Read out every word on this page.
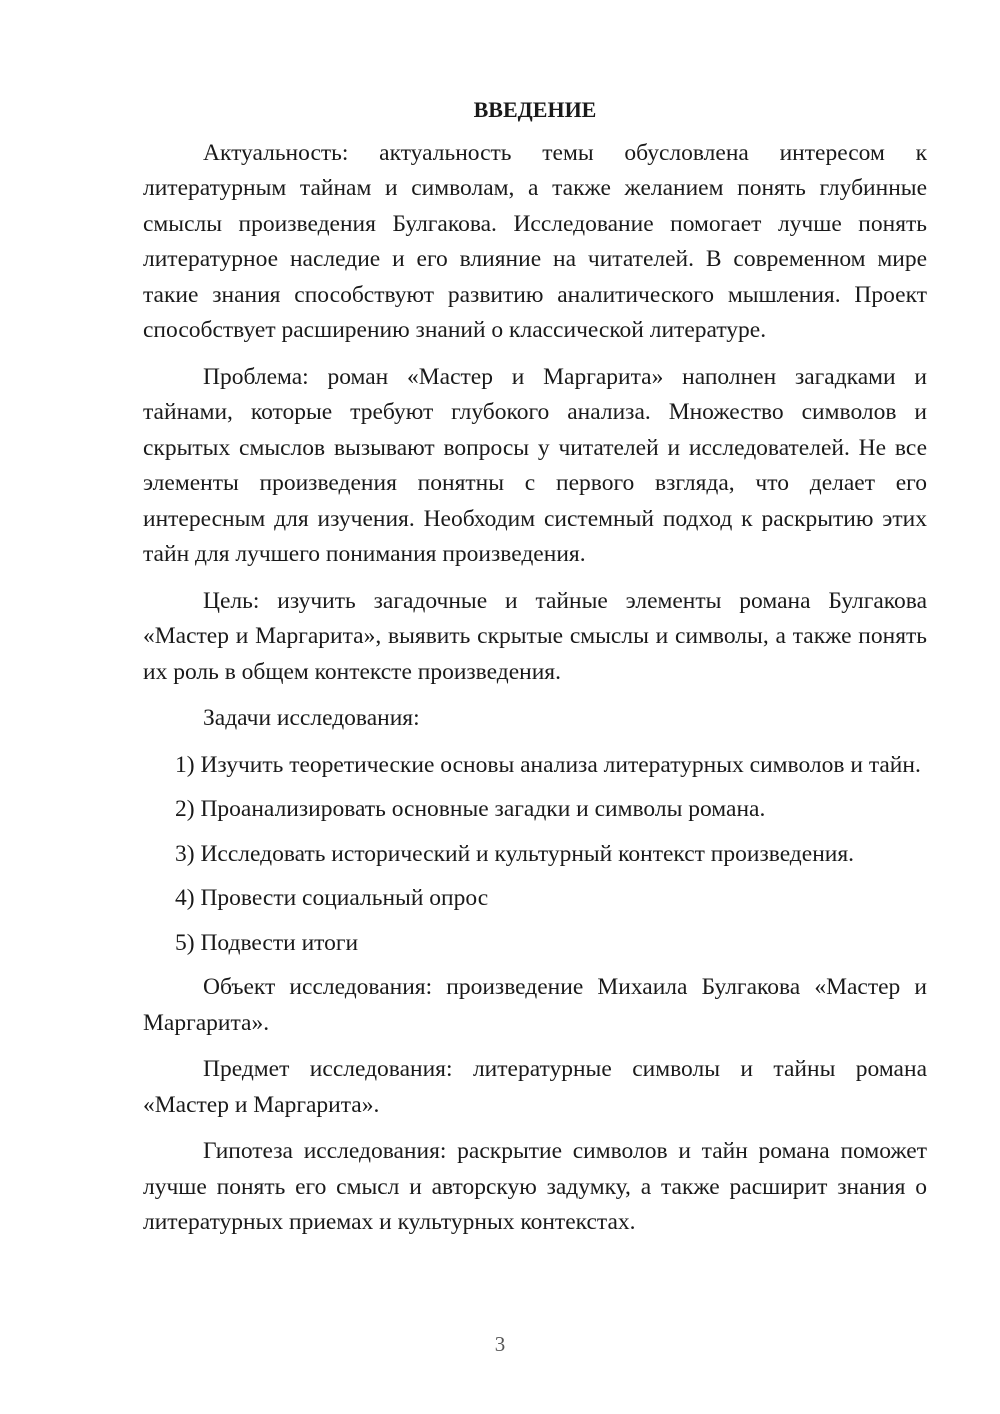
ВВЕДЕНИЕ

Актуальность: актуальность темы обусловлена интересом к литературным тайнам и символам, а также желанием понять глубинные смыслы произведения Булгакова. Исследование помогает лучше понять литературное наследие и его влияние на читателей. В современном мире такие знания способствуют развитию аналитического мышления. Проект способствует расширению знаний о классической литературе.

Проблема: роман «Мастер и Маргарита» наполнен загадками и тайнами, которые требуют глубокого анализа. Множество символов и скрытых смыслов вызывают вопросы у читателей и исследователей. Не все элементы произведения понятны с первого взгляда, что делает его интересным для изучения. Необходим системный подход к раскрытию этих тайн для лучшего понимания произведения.

Цель: изучить загадочные и тайные элементы романа Булгакова «Мастер и Маргарита», выявить скрытые смыслы и символы, а также понять их роль в общем контексте произведения.

Задачи исследования:

1) Изучить теоретические основы анализа литературных символов и тайн.

2) Проанализировать основные загадки и символы романа.

3) Исследовать исторический и культурный контекст произведения.

4) Провести социальный опрос

5) Подвести итоги

Объект исследования: произведение Михаила Булгакова «Мастер и Маргарита».

Предмет исследования: литературные символы и тайны романа «Мастер и Маргарита».

Гипотеза исследования: раскрытие символов и тайн романа поможет лучше понять его смысл и авторскую задумку, а также расширит знания о литературных приемах и культурных контекстах.

3
